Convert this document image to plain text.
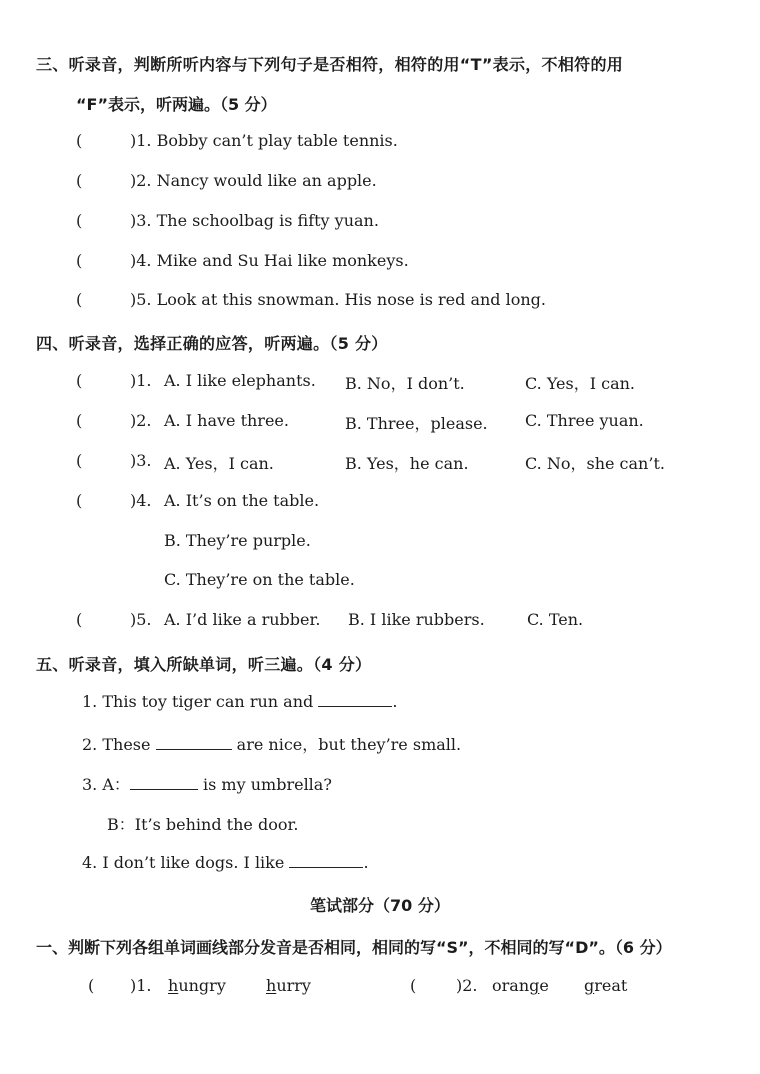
三、听录音，判断所听内容与下列句子是否相符，相符的用“T”表示，不相符的用
“F”表示，听两遍。（5 分）
(	)1. Bobby can’t play table tennis.
(	)2. Nancy would like an apple.
(	)3. The schoolbag is fifty yuan.
(	)4. Mike and Su Hai like monkeys.
(	)5. Look at this snowman. His nose is red and long.
四、听录音，选择正确的应答，听两遍。（5 分）
(	)1. A. I like elephants. B. No，I don’t.	C. Yes，I can.
(	)2. A. I have three.	B. Three，please. C. Three yuan.
(	)3. A. Yes，I can.	B. Yes，he can.	C. No，she can’t.
(	)4. A. It’s on the table.
B. They’re purple.
C. They’re on the table.
(	)5. A. I’d like a rubber. B. I like rubbers.	C. Ten.
五、听录音，填入所缺单词，听三遍。（4 分）
1. This toy tiger can run and	.
2. These	are nice，but they’re small.
3. A：	is my umbrella?
B：It’s behind the door.
4. I don’t like dogs. I like	.
笔试部分（70 分）
一、判断下列各组单词画线部分发音是否相同，相同的写“S”，不相同的写“D”。（6 分）
( )1. hungry	hurry	( )2. orange great
